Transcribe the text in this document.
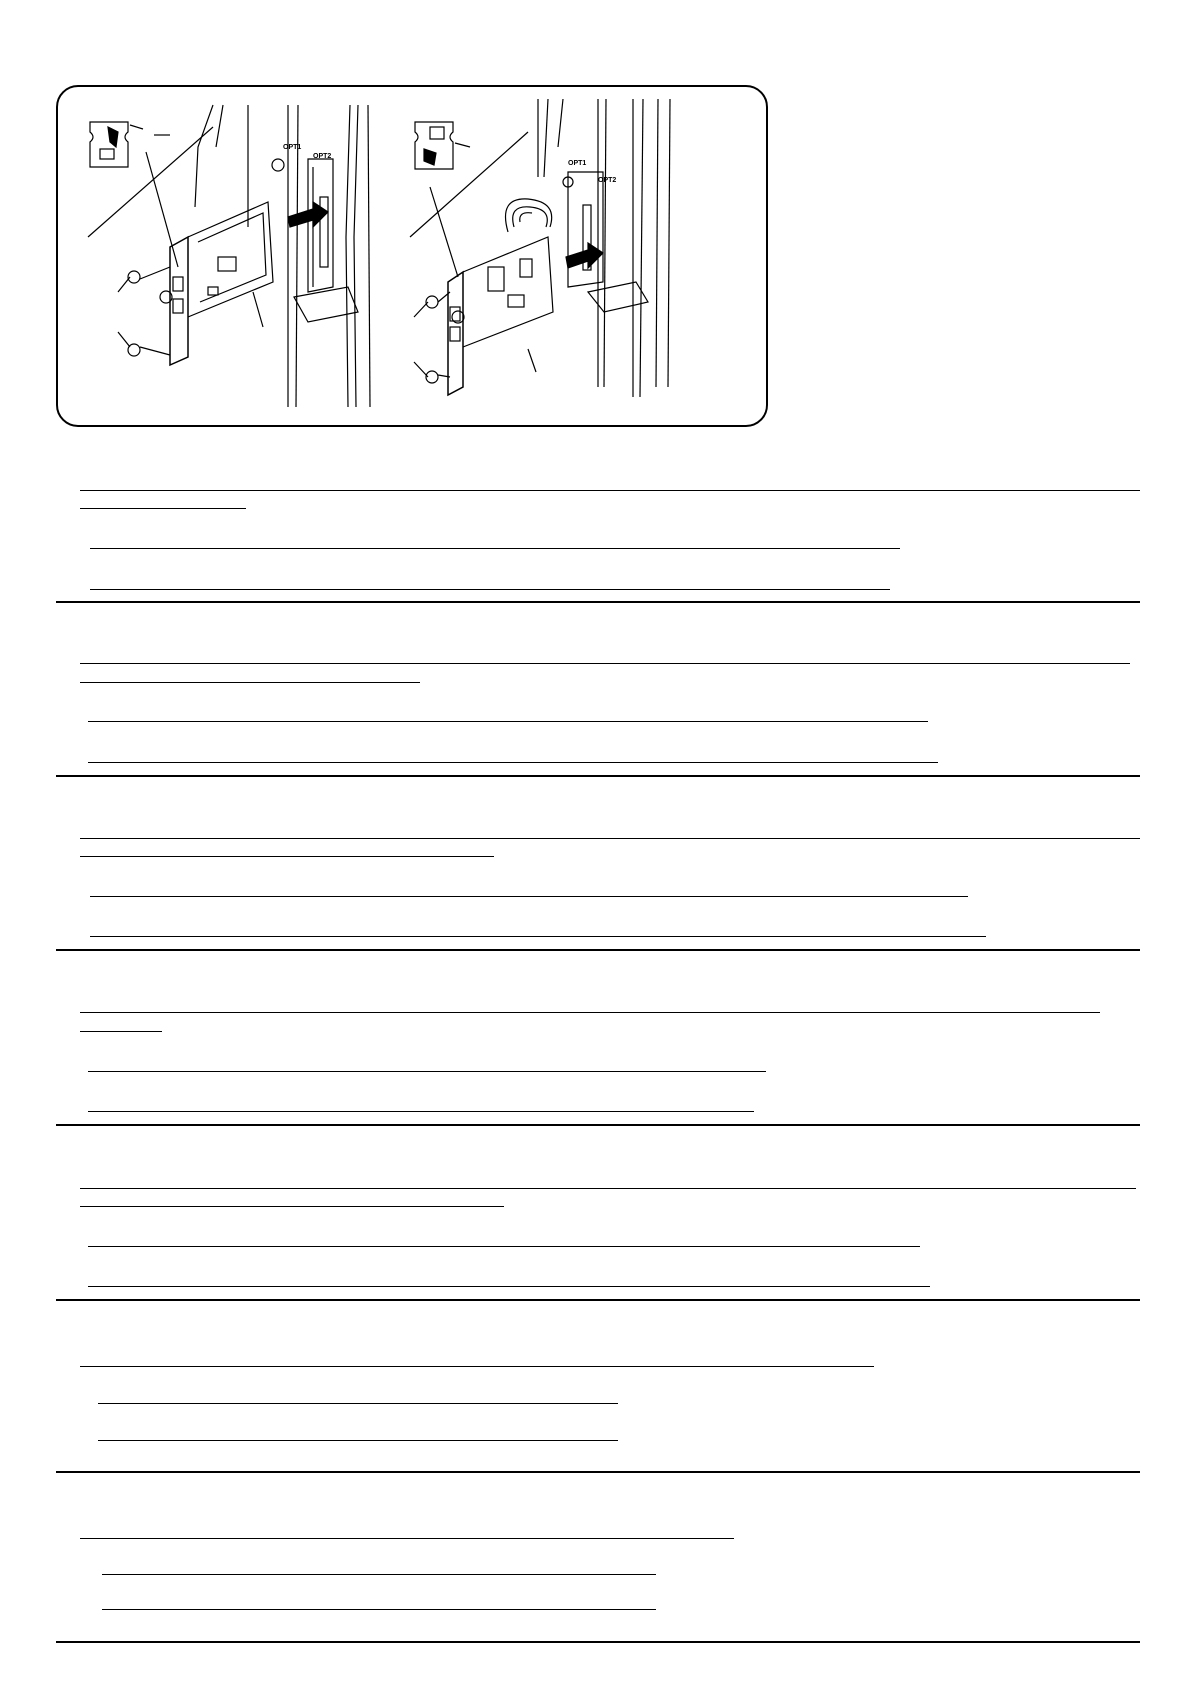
OPT1
OPT2
OPT1
OPT2
